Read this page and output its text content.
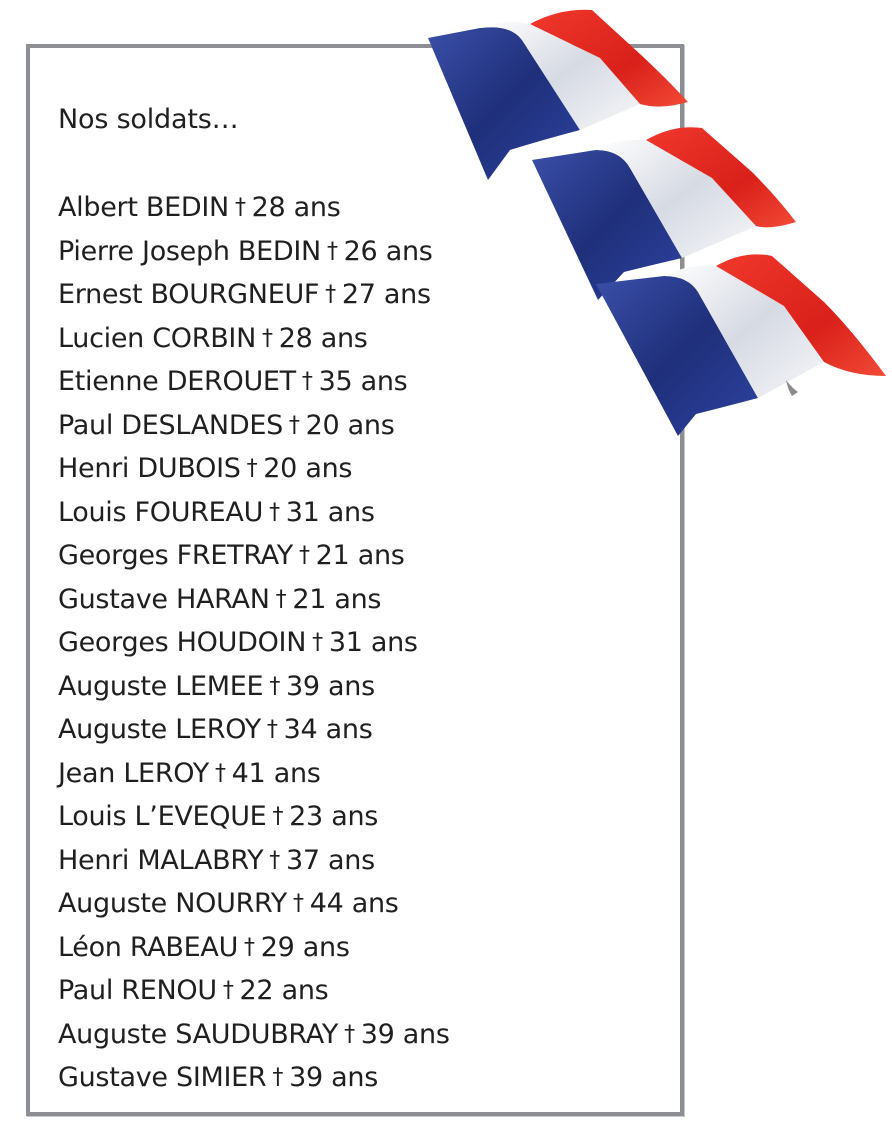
Nos soldats…
Albert BEDIN † 28 ans
Pierre Joseph BEDIN † 26 ans
Ernest BOURGNEUF † 27 ans
Lucien CORBIN † 28 ans
Etienne DEROUET † 35 ans
Paul DESLANDES † 20 ans
Henri DUBOIS † 20 ans
Louis FOUREAU † 31 ans
Georges FRETRAY † 21 ans
Gustave HARAN † 21 ans
Georges HOUDOIN † 31 ans
Auguste LEMEE † 39 ans
Auguste LEROY † 34 ans
Jean LEROY † 41 ans
Louis L’EVEQUE † 23 ans
Henri MALABRY † 37 ans
Auguste NOURRY † 44 ans
Léon RABEAU † 29 ans
Paul RENOU † 22 ans
Auguste SAUDUBRAY † 39 ans
Gustave SIMIER † 39 ans
